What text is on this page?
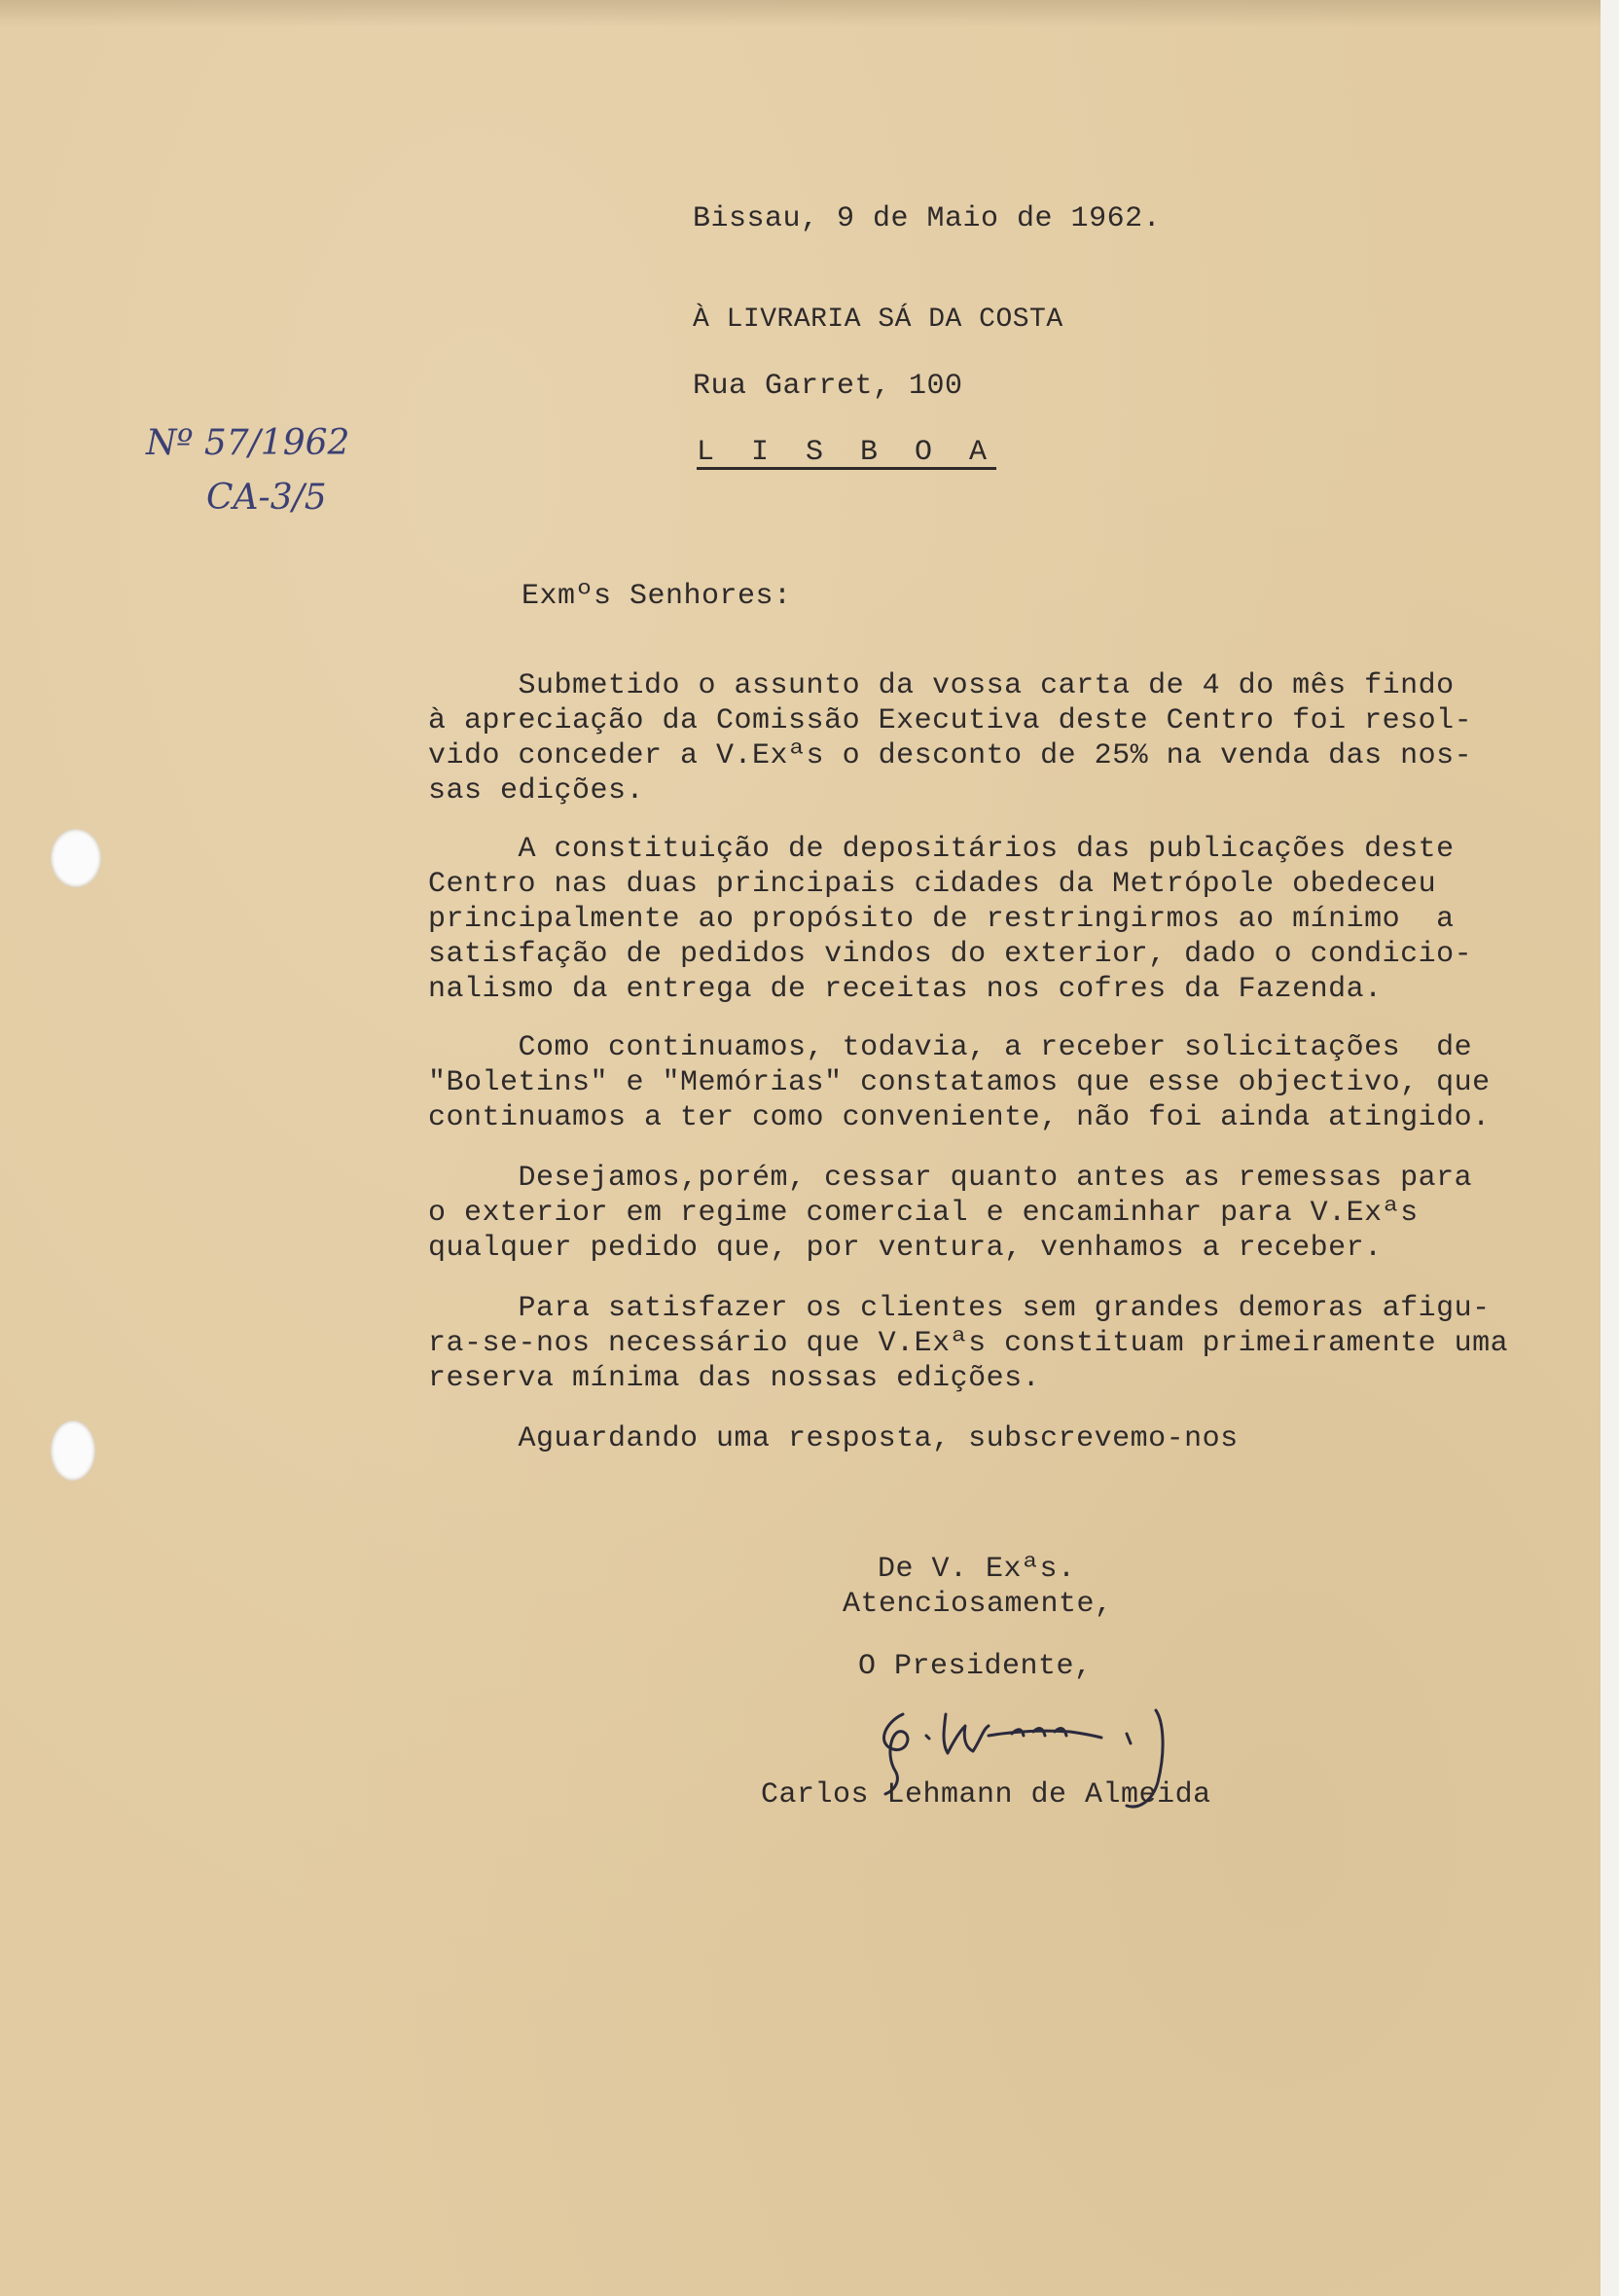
Bissau, 9 de Maio de 1962.
À LIVRARIA SÁ DA COSTA
Rua Garret, 100
L I S B O A
Nº 57/1962
CA-3/5
Exmºs Senhores:
Submetido o assunto da vossa carta de 4 do mês findo
à apreciação da Comissão Executiva deste Centro foi resol-
vido conceder a V.Exªs o desconto de 25% na venda das nos-
sas edições.
A constituição de depositários das publicações deste
Centro nas duas principais cidades da Metrópole obedeceu
principalmente ao propósito de restringirmos ao mínimo  a
satisfação de pedidos vindos do exterior, dado o condicio-
nalismo da entrega de receitas nos cofres da Fazenda.
Como continuamos, todavia, a receber solicitações  de
"Boletins" e "Memórias" constatamos que esse objectivo, que
continuamos a ter como conveniente, não foi ainda atingido.
Desejamos,porém, cessar quanto antes as remessas para
o exterior em regime comercial e encaminhar para V.Exªs
qualquer pedido que, por ventura, venhamos a receber.
Para satisfazer os clientes sem grandes demoras afigu-
ra-se-nos necessário que V.Exªs constituam primeiramente uma
reserva mínima das nossas edições.
Aguardando uma resposta, subscrevemo-nos
De V. Exªs.
Atenciosamente,
O Presidente,
Carlos Lehmann de Almeida
